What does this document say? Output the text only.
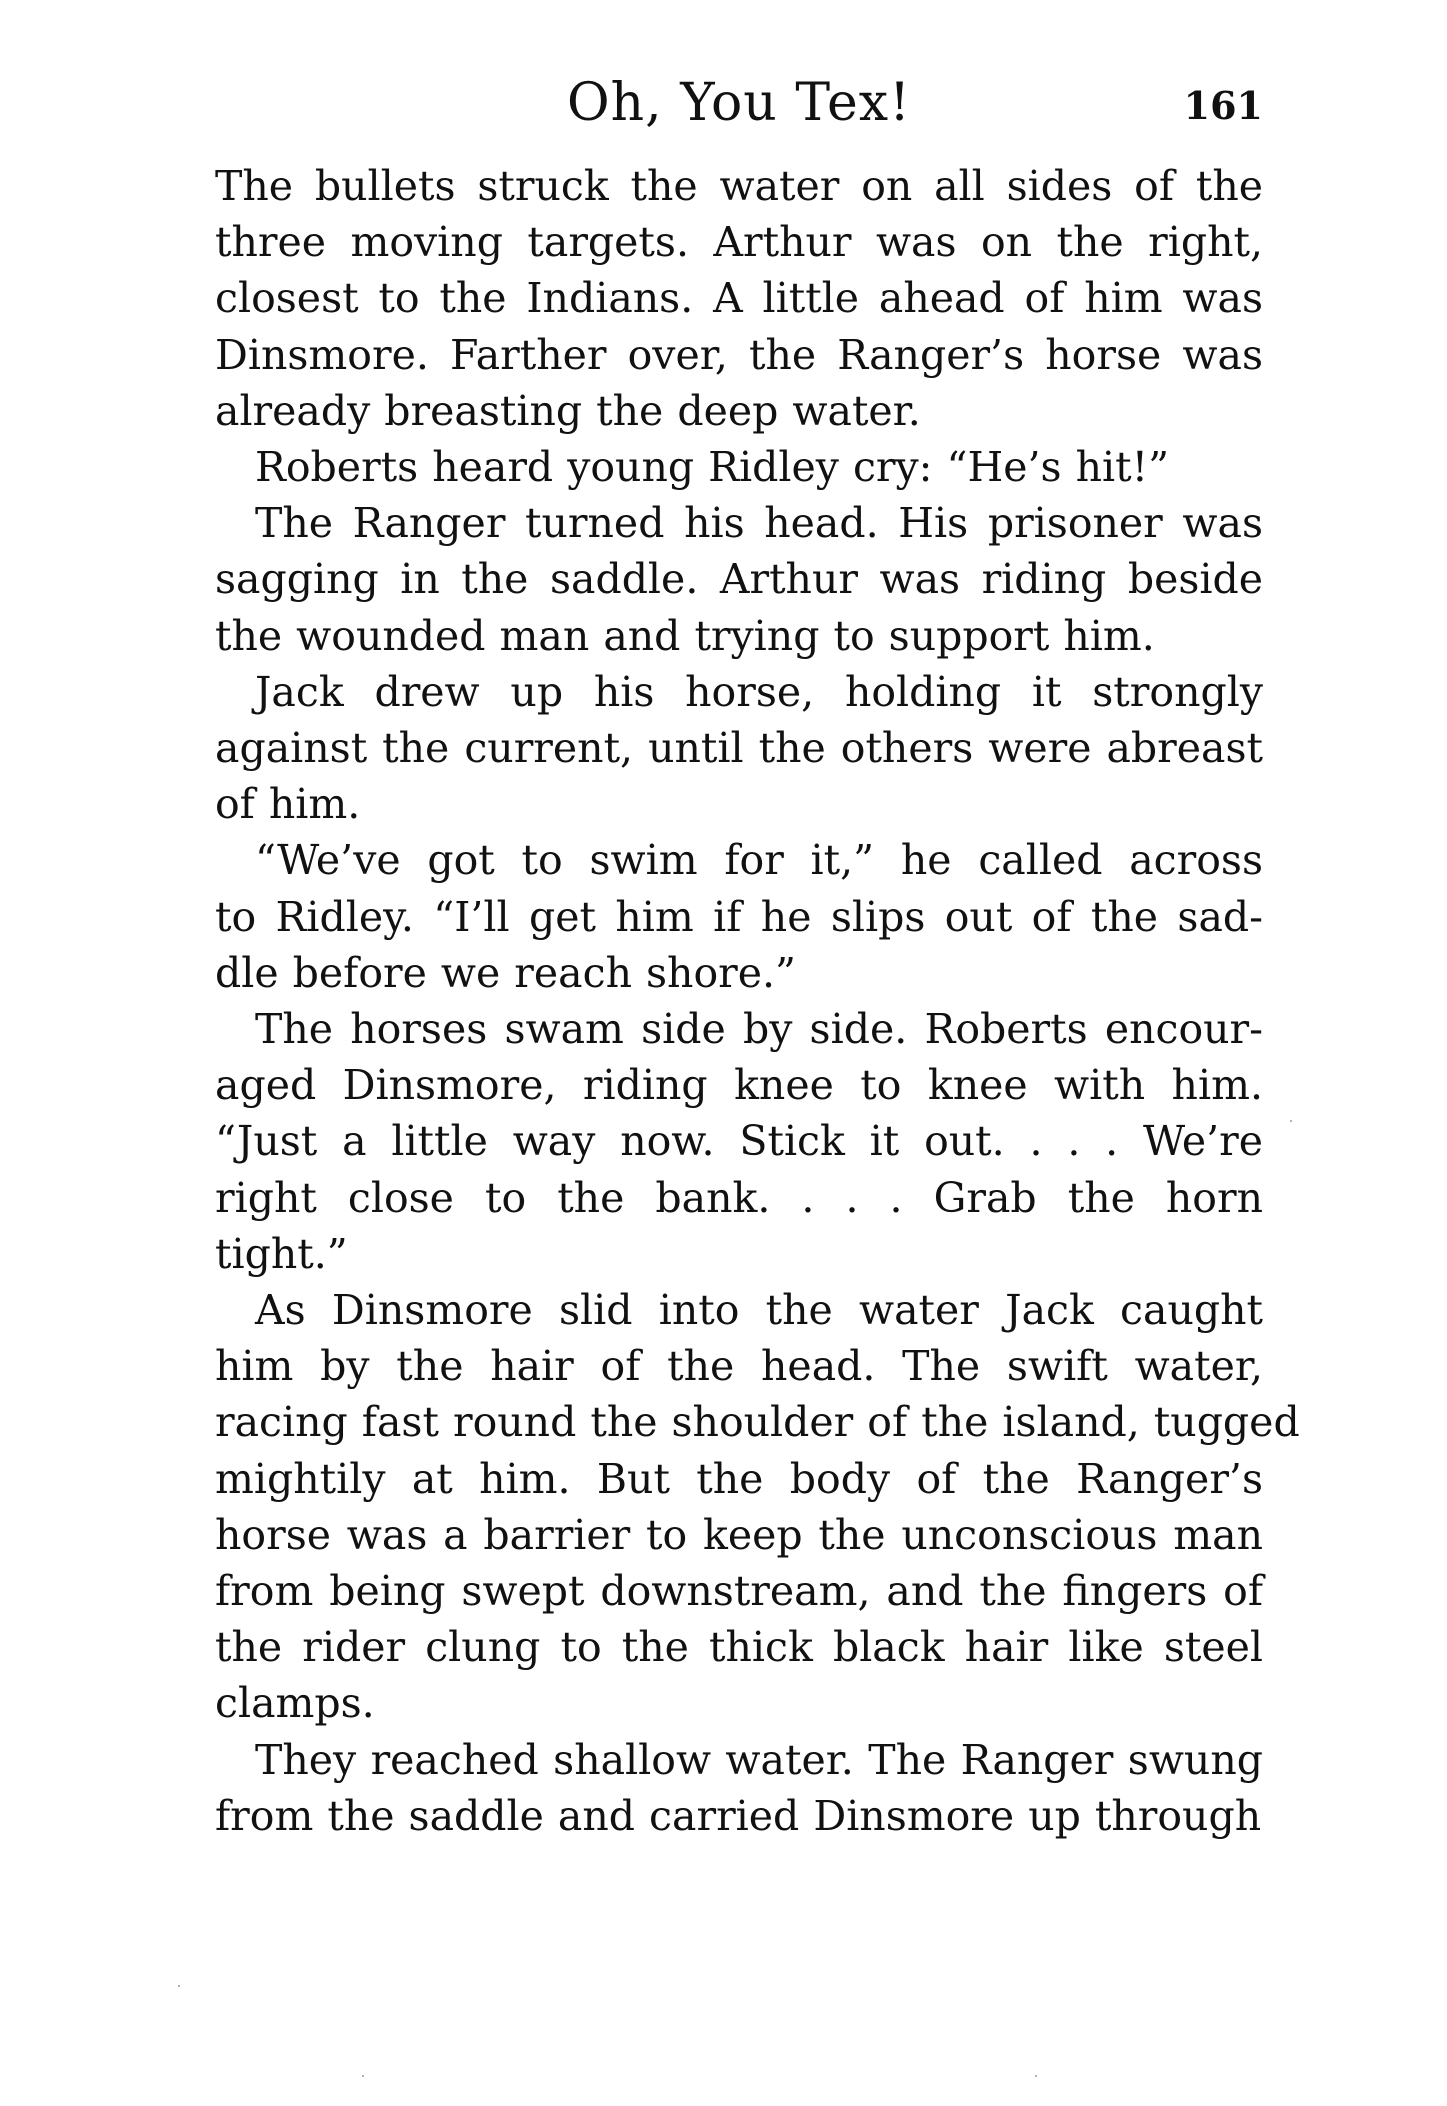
Oh, You Tex!	161

The bullets struck the water on all sides of the
three moving targets. Arthur was on the right,
closest to the Indians. A little ahead of him was
Dinsmore. Farther over, the Ranger’s horse was
already breasting the deep water.

Roberts heard young Ridley cry: “He’s hit!”

The Ranger turned his head. His prisoner was
sagging in the saddle. Arthur was riding beside
the wounded man and trying to support him.

Jack drew up his horse, holding it strongly
against the current, until the others were abreast
of him.

“We’ve got to swim for it,” he called across
to Ridley. “I’ll get him if he slips out of the sad-
dle before we reach shore.”

The horses swam side by side. Roberts encour-
aged Dinsmore, riding knee to knee with him.
“Just a little way now. Stick it out. . . . We’re
right close to the bank. . . . Grab the horn
tight.”

As Dinsmore slid into the water Jack caught
him by the hair of the head. The swift water,
racing fast round the shoulder of the island, tugged
mightily at him. But the body of the Ranger’s
horse was a barrier to keep the unconscious man
from being swept downstream, and the fingers of
the rider clung to the thick black hair like steel
clamps.

They reached shallow water. The Ranger swung
from the saddle and carried Dinsmore up through
